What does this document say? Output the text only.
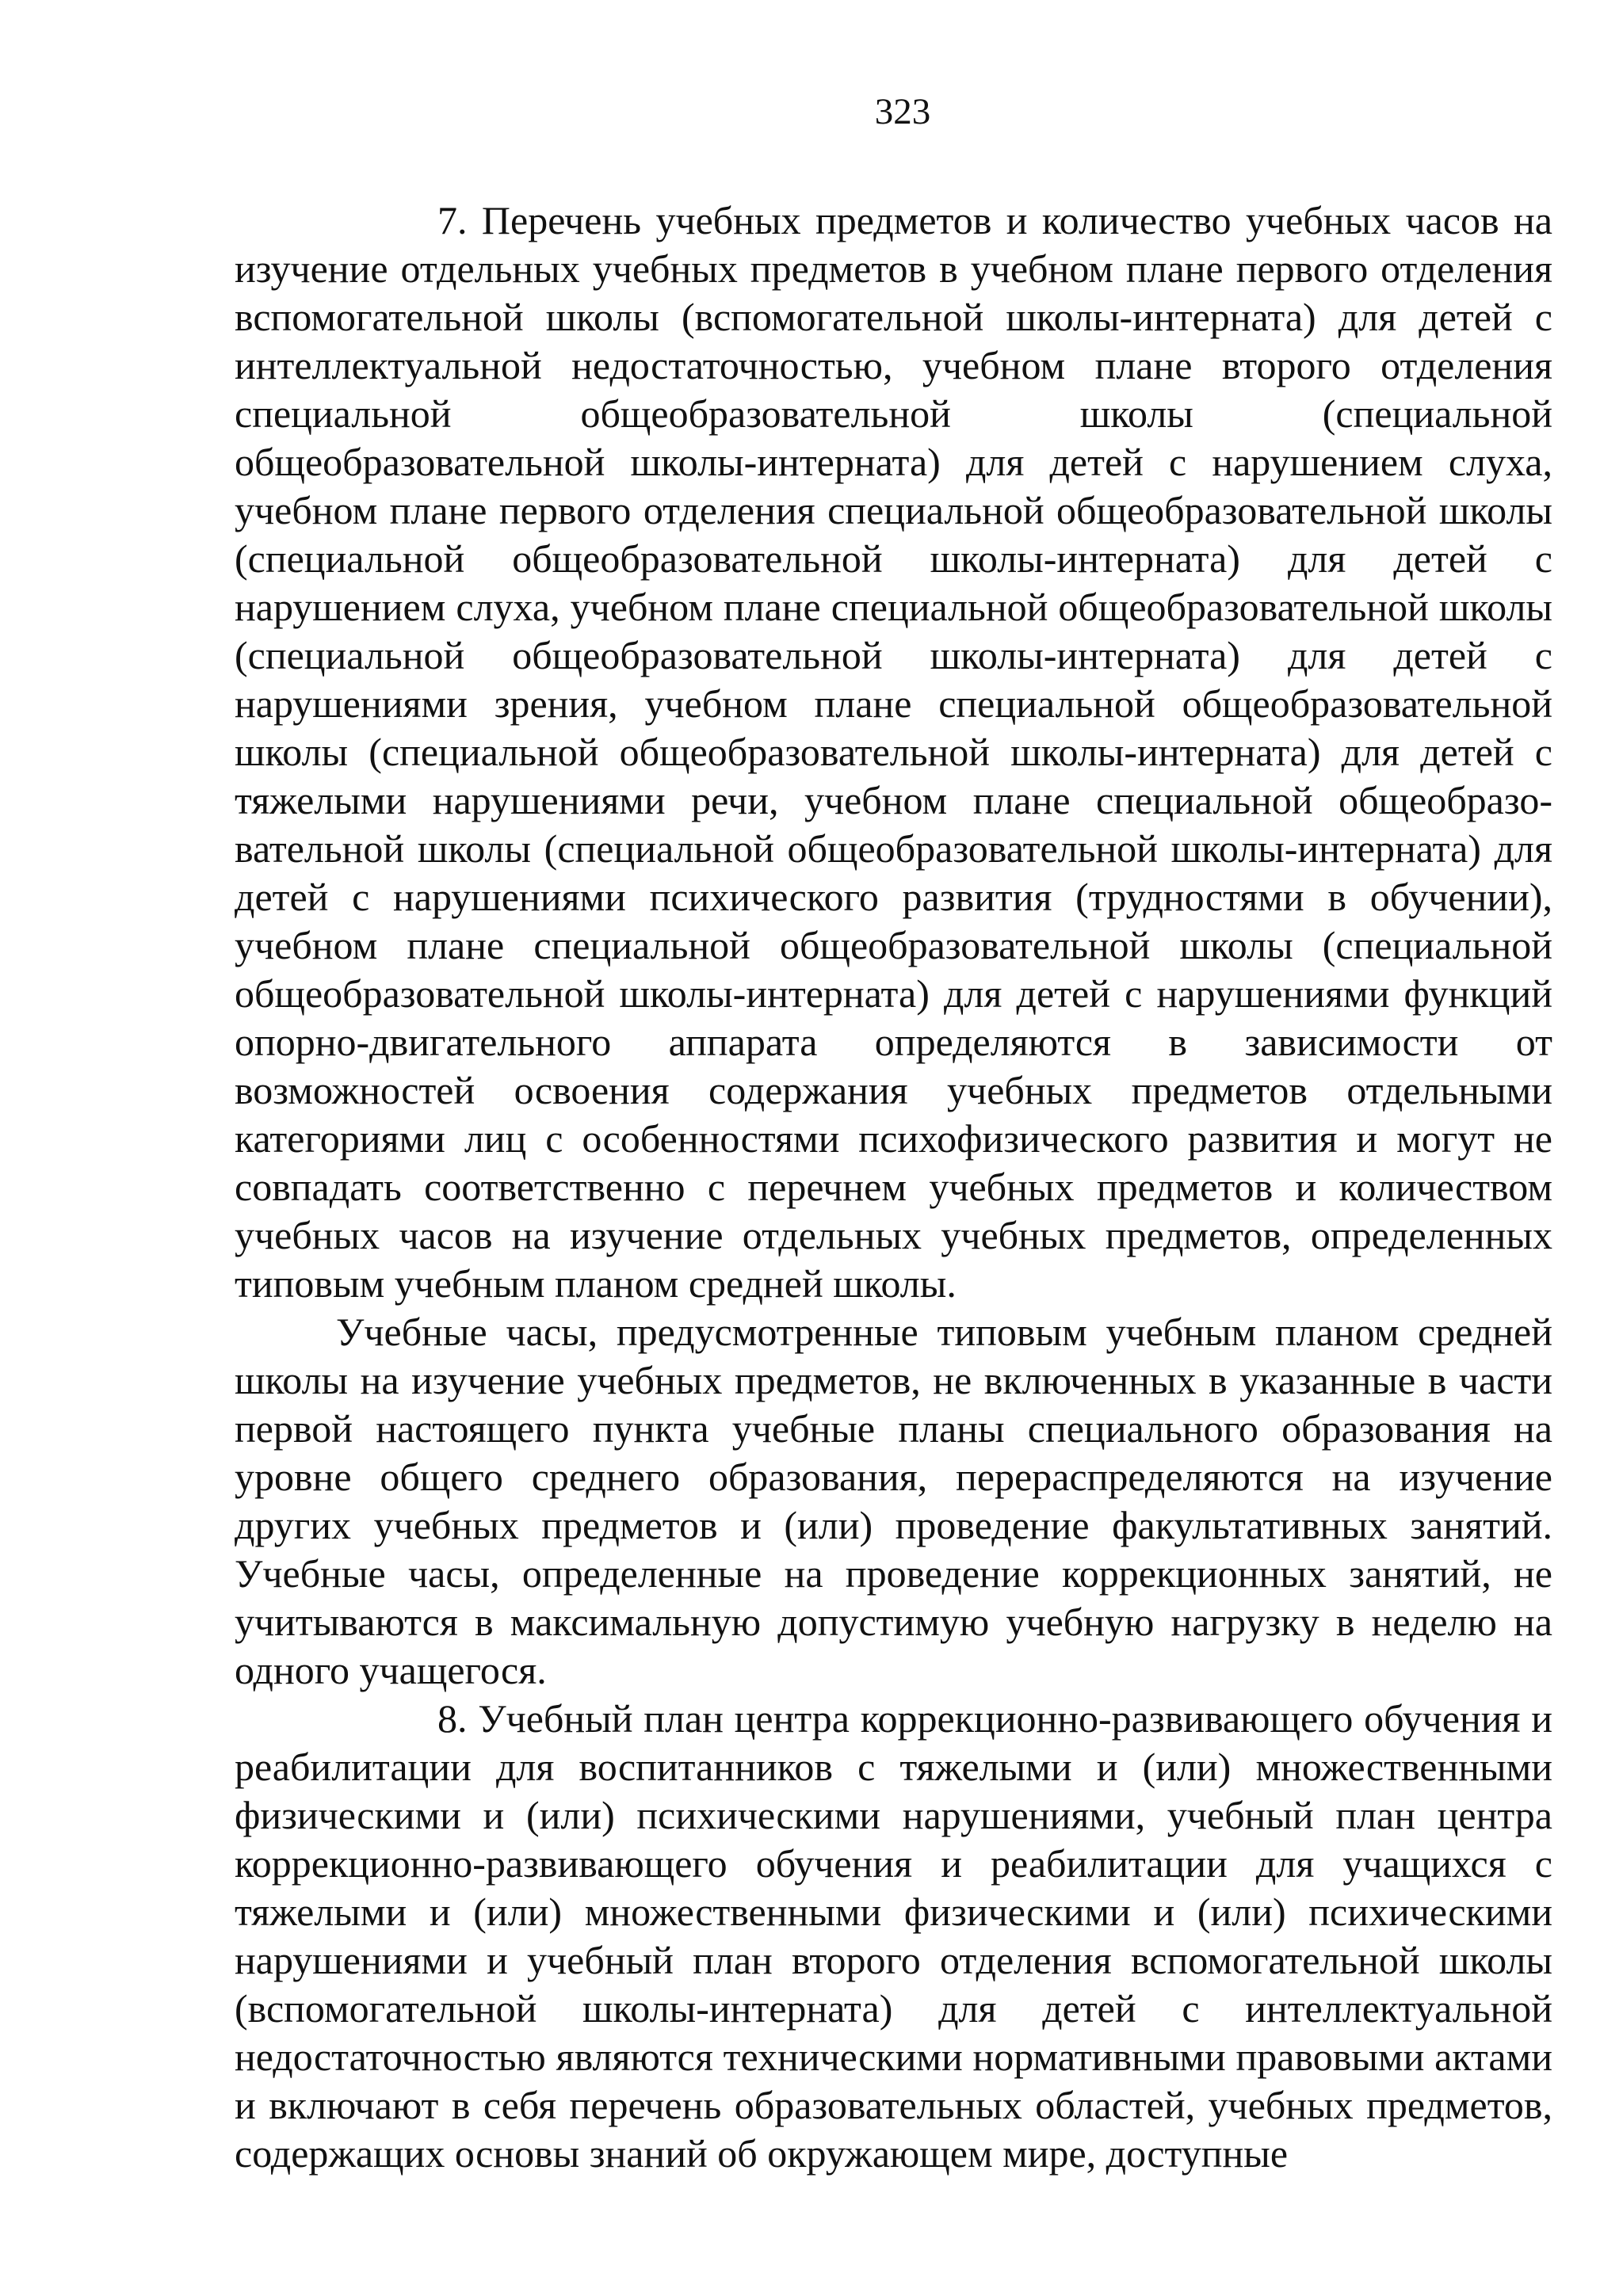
323

7. Перечень учебных предметов и количество учебных часов на изучение отдельных учебных предметов в учебном плане первого отделения вспомогательной школы (вспомогательной школы-интерната) для детей с интеллектуальной недостаточностью, учебном плане второго отделения специальной общеобразовательной школы (специальной общеобразовательной школы-интерната) для детей с нарушением слуха, учебном плане первого отделения специальной общеобразовательной школы (специальной общеобразовательной школы-интерната) для детей с нарушением слуха, учебном плане специальной общеобразовательной школы (специальной общеобразовательной школы-интерната) для детей с нарушениями зрения, учебном плане специальной общеобразовательной школы (специальной общеобразовательной школы-интерната) для детей с тяжелыми нарушениями речи, учебном плане специальной общеобразовательной школы (специальной общеобразовательной школы-интерната) для детей с нарушениями психического развития (трудностями в обучении), учебном плане специальной общеобразовательной школы (специальной общеобразовательной школы-интерната) для детей с нарушениями функций опорно-двигательного аппарата определяются в зависимости от возможностей освоения содержания учебных предметов отдельными категориями лиц с особенностями психофизического развития и могут не совпадать соответственно с перечнем учебных предметов и количеством учебных часов на изучение отдельных учебных предметов, определенных типовым учебным планом средней школы.

Учебные часы, предусмотренные типовым учебным планом средней школы на изучение учебных предметов, не включенных в указанные в части первой настоящего пункта учебные планы специального образования на уровне общего среднего образования, перераспределяются на изучение других учебных предметов и (или) проведение факультативных занятий. Учебные часы, определенные на проведение коррекционных занятий, не учитываются в максимальную допустимую учебную нагрузку в неделю на одного учащегося.

8. Учебный план центра коррекционно-развивающего обучения и реабилитации для воспитанников с тяжелыми и (или) множественными физическими и (или) психическими нарушениями, учебный план центра коррекционно-развивающего обучения и реабилитации для учащихся с тяжелыми и (или) множественными физическими и (или) психическими нарушениями и учебный план второго отделения вспомогательной школы (вспомогательной школы-интерната) для детей с интеллектуальной недостаточностью являются техническими нормативными правовыми актами и включают в себя перечень образовательных областей, учебных предметов, содержащих основы знаний об окружающем мире, доступные
